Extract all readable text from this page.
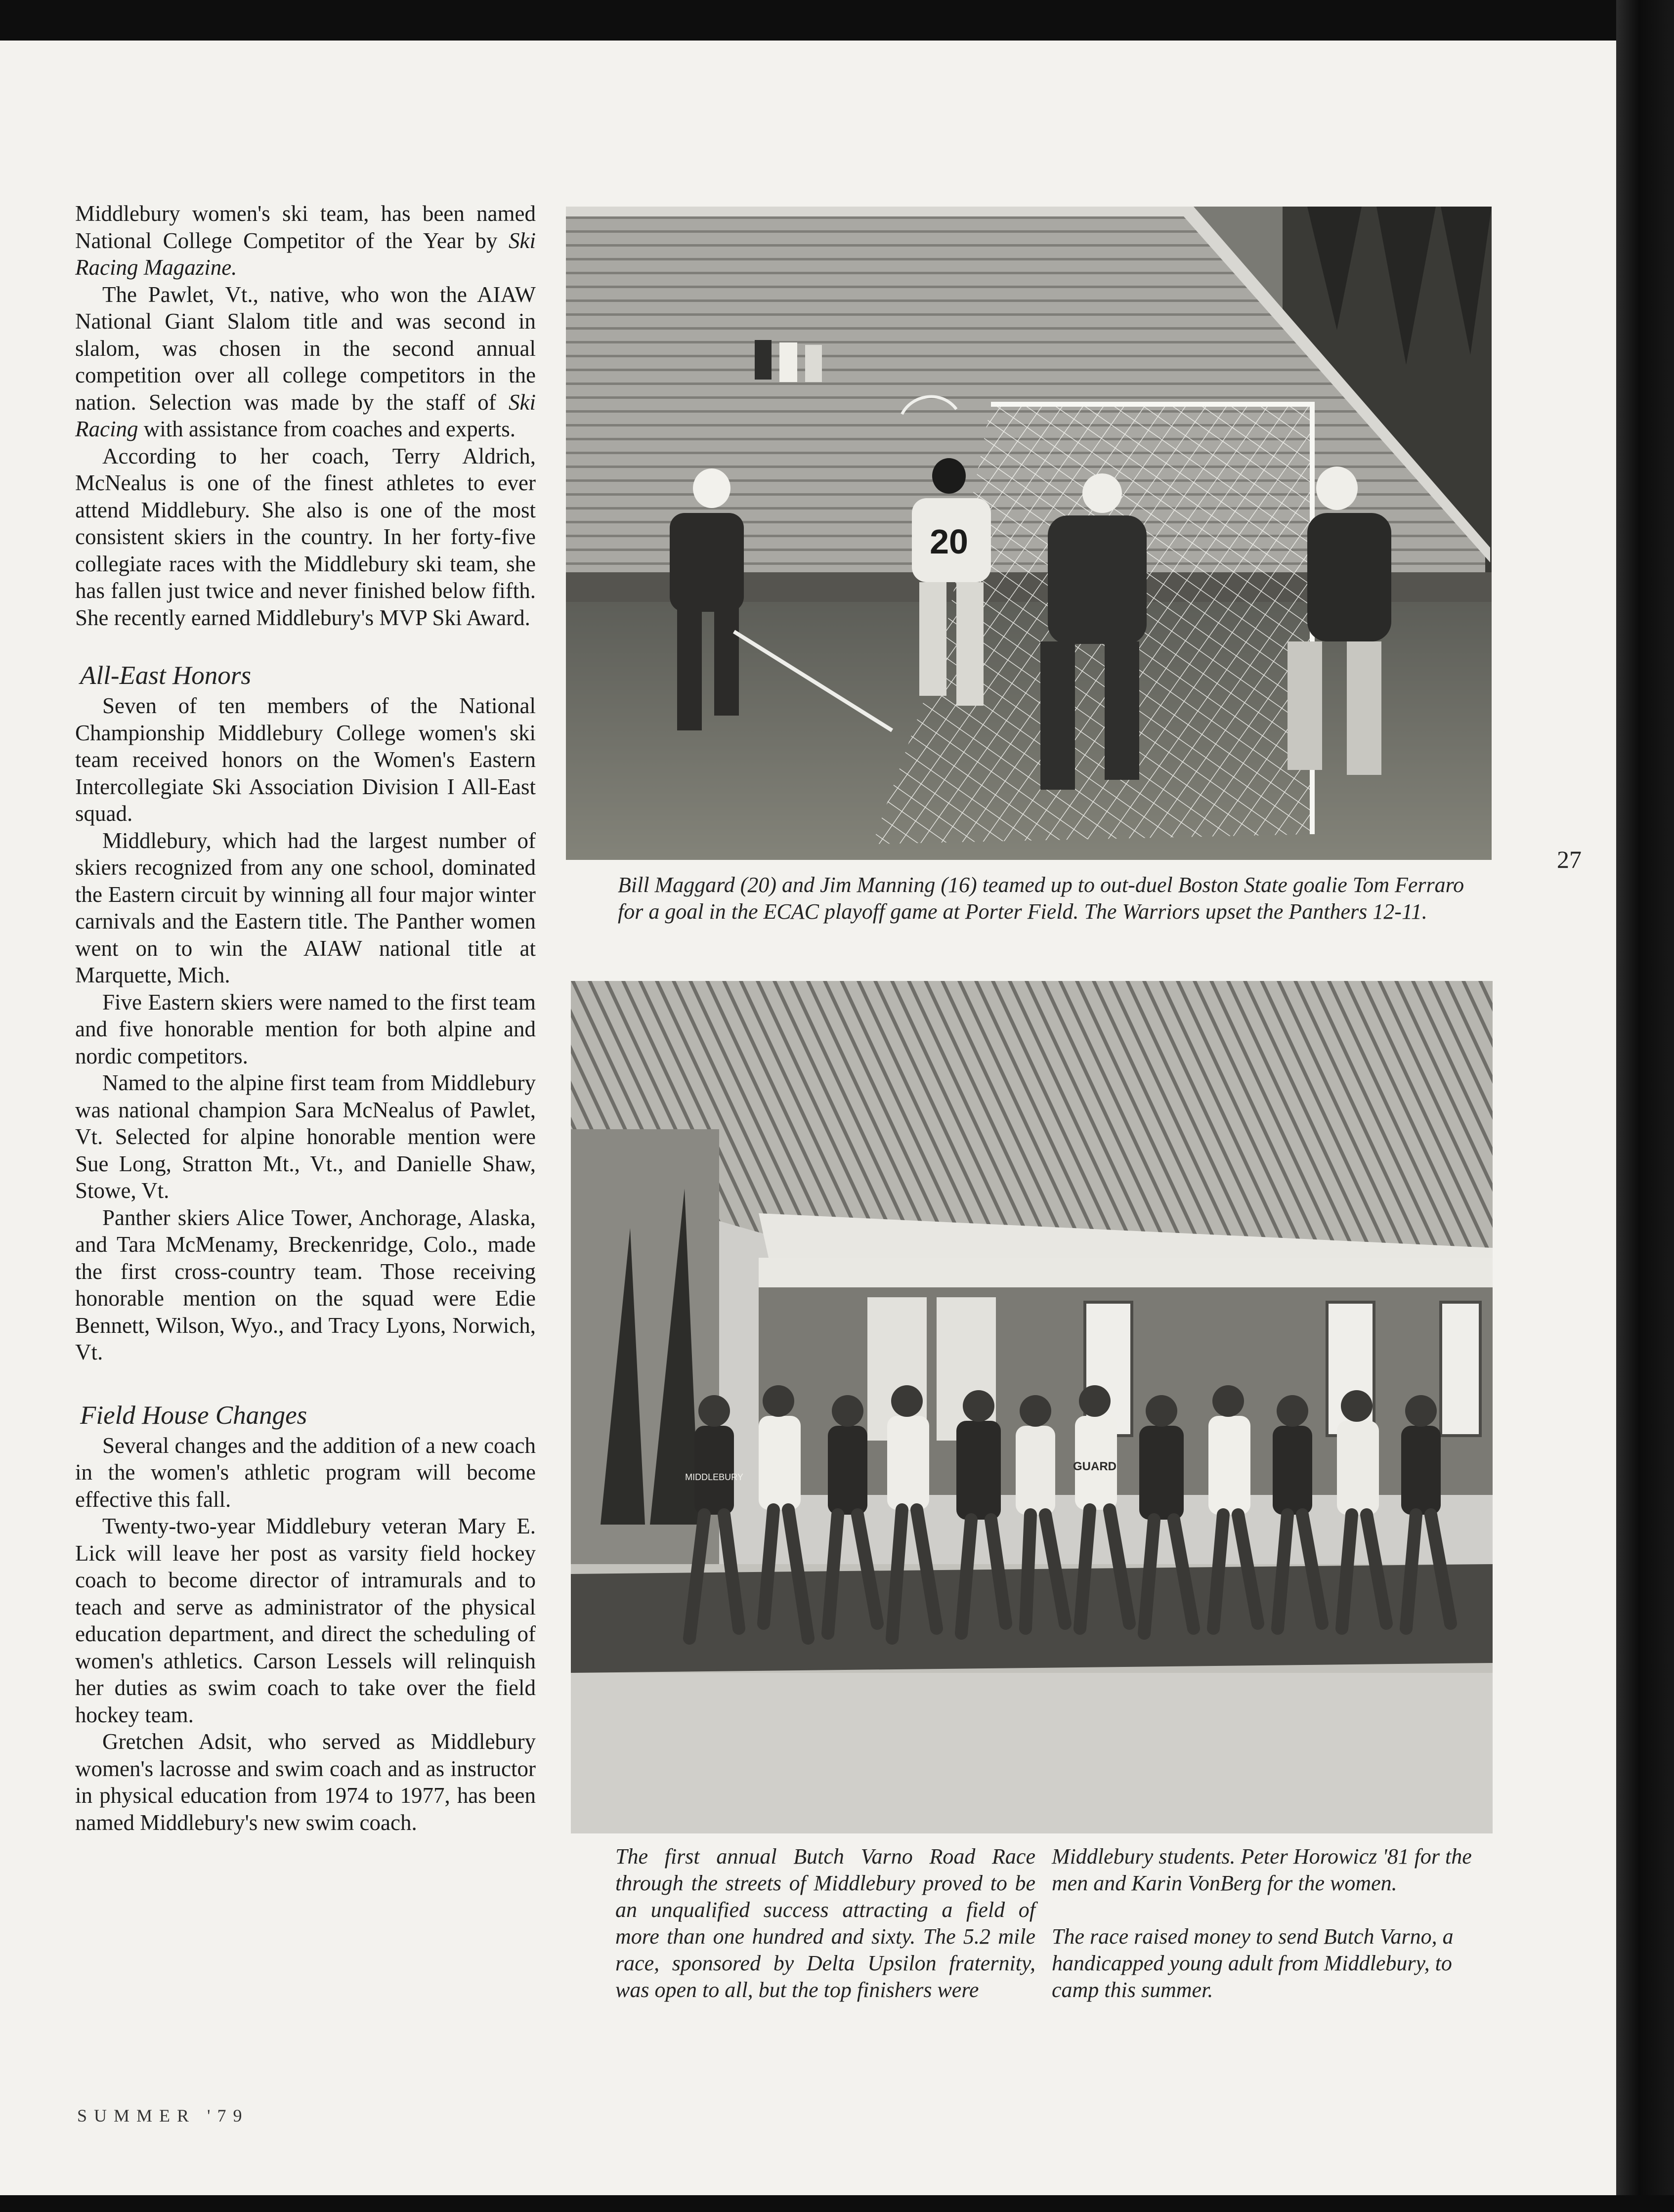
Middlebury women's ski team, has been named National College Competitor of the Year by Ski Racing Magazine.

The Pawlet, Vt., native, who won the AIAW National Giant Slalom title and was second in slalom, was chosen in the second annual competition over all college competitors in the nation. Selection was made by the staff of Ski Racing with assistance from coaches and experts.

According to her coach, Terry Aldrich, McNealus is one of the finest athletes to ever attend Middlebury. She also is one of the most consistent skiers in the country. In her forty-five collegiate races with the Middlebury ski team, she has fallen just twice and never finished below fifth. She recently earned Middlebury's MVP Ski Award.

All-East Honors

Seven of ten members of the National Championship Middlebury College women's ski team received honors on the Women's Eastern Intercollegiate Ski Association Division I All-East squad.

Middlebury, which had the largest number of skiers recognized from any one school, dominated the Eastern circuit by winning all four major winter carnivals and the Eastern title. The Panther women went on to win the AIAW national title at Marquette, Mich.

Five Eastern skiers were named to the first team and five honorable mention for both alpine and nordic competitors.

Named to the alpine first team from Middlebury was national champion Sara McNealus of Pawlet, Vt. Selected for alpine honorable mention were Sue Long, Stratton Mt., Vt., and Danielle Shaw, Stowe, Vt.

Panther skiers Alice Tower, Anchorage, Alaska, and Tara McMenamy, Breckenridge, Colo., made the first cross-country team. Those receiving honorable mention on the squad were Edie Bennett, Wilson, Wyo., and Tracy Lyons, Norwich, Vt.

Field House Changes

Several changes and the addition of a new coach in the women's athletic program will become effective this fall.

Twenty-two-year Middlebury veteran Mary E. Lick will leave her post as varsity field hockey coach to become director of intramurals and to teach and serve as administrator of the physical education department, and direct the scheduling of women's athletics. Carson Lessels will relinquish her duties as swim coach to take over the field hockey team.

Gretchen Adsit, who served as Middlebury women's lacrosse and swim coach and as instructor in physical education from 1974 to 1977, has been named Middlebury's new swim coach.

20
Bill Maggard (20) and Jim Manning (16) teamed up to out-duel Boston State goalie Tom Ferraro for a goal in the ECAC playoff game at Porter Field. The Warriors upset the Panthers 12-11.
MIDDLEBURY
GUARD
The first annual Butch Varno Road Race through the streets of Middlebury proved to be an unqualified success attracting a field of more than one hundred and sixty. The 5.2 mile race, sponsored by Delta Upsilon fraternity, was open to all, but the top finishers were
Middlebury students. Peter Horowicz '81 for the men and Karin VonBerg for the women.
The race raised money to send Butch Varno, a handicapped young adult from Middlebury, to camp this summer.
27
SUMMER '79
